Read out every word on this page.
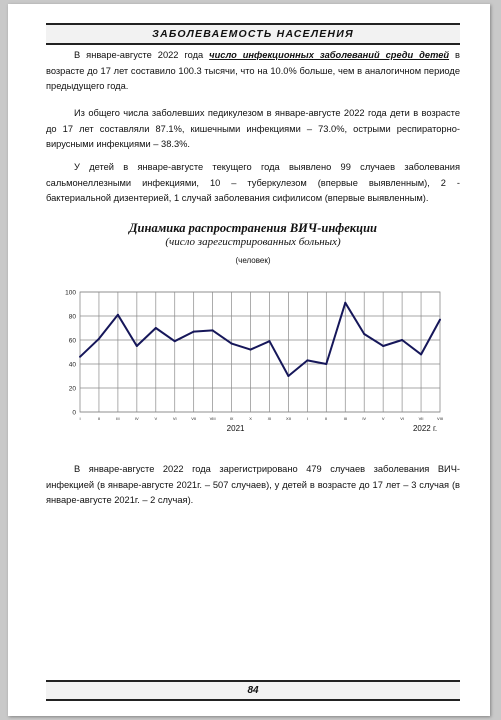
ЗАБОЛЕВАЕМОСТЬ НАСЕЛЕНИЯ

В январе-августе 2022 года число инфекционных заболеваний среди детей в возрасте до 17 лет составило 100.3 тысячи, что на 10.0% больше, чем в аналогичном периоде предыдущего года.

Из общего числа заболевших педикулезом в январе-августе 2022 года дети в возрасте до 17 лет составляли 87.1%, кишечными инфекциями – 73.0%, острыми респираторно-вирусными инфекциями – 38.3%.

У детей в январе-августе текущего года выявлено 99 случаев заболевания сальмонеллезными инфекциями, 10 – туберкулезом (впервые выявленным), 2 - бактериальной дизентерией, 1 случай заболевания сифилисом (впервые выявленным).

Динамика распространения ВИЧ-инфекции
(число зарегистрированных больных)
(человек)
0
20
40
60
80
100
I	II	III	IV	V	VI	VII	VIII	IX	X	XI	XII	I	II	III	IV	V	VI	VII	VIII
2021	2022 г.

В январе-августе 2022 года зарегистрировано 479 случаев заболевания ВИЧ-инфекцией (в январе-августе 2021г. – 507 случаев), у детей в возрасте до 17 лет – 3 случая (в январе-августе 2021г. – 2 случая).

84
